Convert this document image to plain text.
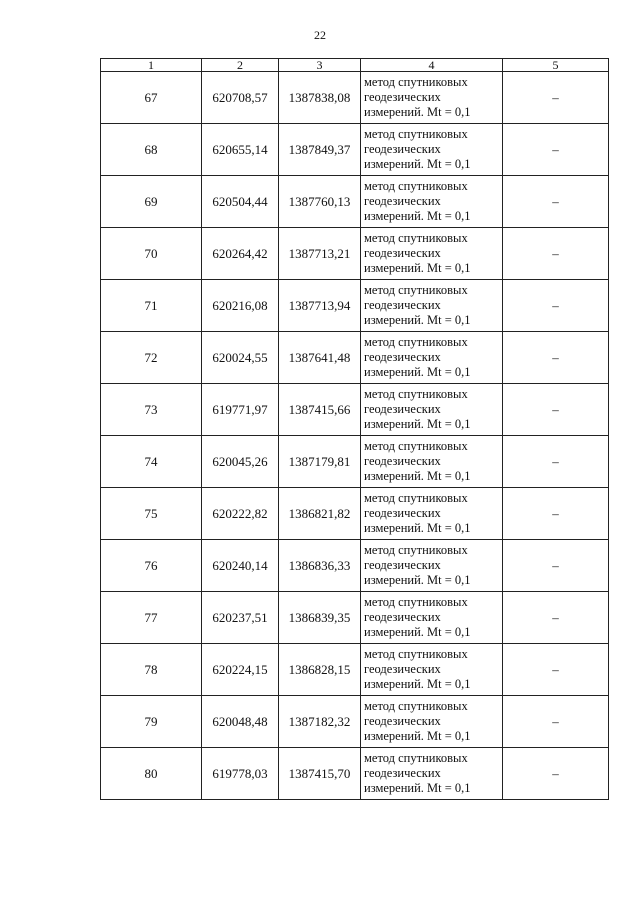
22
1	2	3	4	5
67	620708,57	1387838,08	метод спутниковых
геодезических
измерений. Mt = 0,1	–
68	620655,14	1387849,37	метод спутниковых
геодезических
измерений. Mt = 0,1	–
69	620504,44	1387760,13	метод спутниковых
геодезических
измерений. Mt = 0,1	–
70	620264,42	1387713,21	метод спутниковых
геодезических
измерений. Mt = 0,1	–
71	620216,08	1387713,94	метод спутниковых
геодезических
измерений. Mt = 0,1	–
72	620024,55	1387641,48	метод спутниковых
геодезических
измерений. Mt = 0,1	–
73	619771,97	1387415,66	метод спутниковых
геодезических
измерений. Mt = 0,1	–
74	620045,26	1387179,81	метод спутниковых
геодезических
измерений. Mt = 0,1	–
75	620222,82	1386821,82	метод спутниковых
геодезических
измерений. Mt = 0,1	–
76	620240,14	1386836,33	метод спутниковых
геодезических
измерений. Mt = 0,1	–
77	620237,51	1386839,35	метод спутниковых
геодезических
измерений. Mt = 0,1	–
78	620224,15	1386828,15	метод спутниковых
геодезических
измерений. Mt = 0,1	–
79	620048,48	1387182,32	метод спутниковых
геодезических
измерений. Mt = 0,1	–
80	619778,03	1387415,70	метод спутниковых
геодезических
измерений. Mt = 0,1	–
